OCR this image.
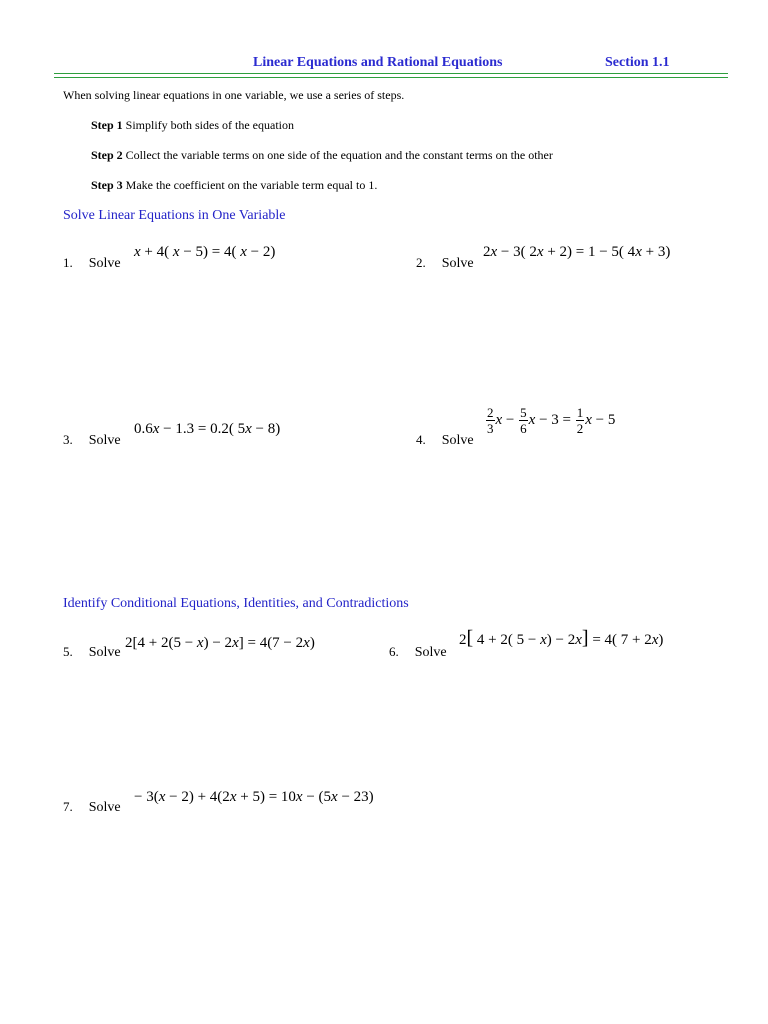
Linear Equations and Rational Equations	Section 1.1
When solving linear equations in one variable, we use a series of steps.
Step 1 Simplify both sides of the equation
Step 2 Collect the variable terms on one side of the equation and the constant terms on the other
Step 3 Make the coefficient on the variable term equal to 1.
Solve Linear Equations in One Variable
1. Solve
x + 4( x − 5) = 4( x − 2)
2. Solve
2x − 3( 2x + 2) = 1 − 5( 4x + 3)
3. Solve
0.6x − 1.3 = 0.2( 5x − 8)
4. Solve
$\frac{2}{3}$ $x - \frac{5}{6}$ $x - 3 = \frac{1}{2}$ x − 5
Identify Conditional Equations, Identities, and Contradictions
5. Solve
2[4 + 2(5 − x) − 2x] = 4(7 − 2x)
6. Solve
2[ 4 + 2( 5 − x) − 2x] = 4( 7 + 2x)
7. Solve
− 3(x − 2) + 4(2x + 5) = 10x − (5x − 23)
